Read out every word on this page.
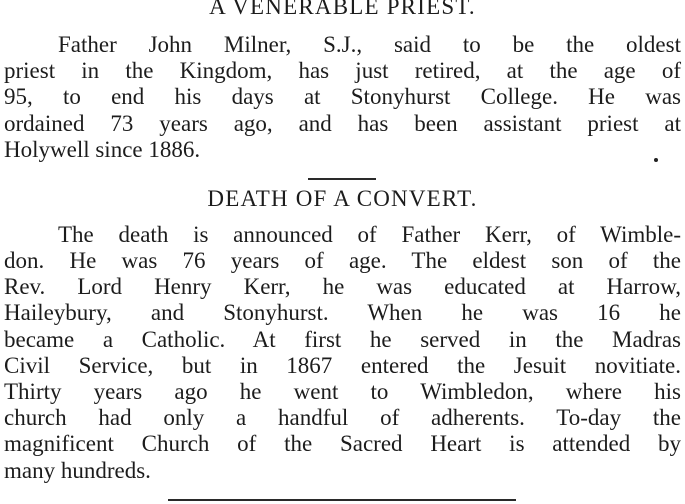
A VENERABLE PRIEST.
Father John Milner, S.J., said to be the oldest
priest in the Kingdom, has just retired, at the age of
95, to end his days at Stonyhurst College. He was
ordained 73 years ago, and has been assistant priest at
Holywell since 1886.
DEATH OF A CONVERT.
The death is announced of Father Kerr, of Wimble-
don. He was 76 years of age. The eldest son of the
Rev. Lord Henry Kerr, he was educated at Harrow,
Haileybury, and Stonyhurst. When he was 16 he
became a Catholic. At first he served in the Madras
Civil Service, but in 1867 entered the Jesuit novitiate.
Thirty years ago he went to Wimbledon, where his
church had only a handful of adherents. To-day the
magnificent Church of the Sacred Heart is attended by
many hundreds.
